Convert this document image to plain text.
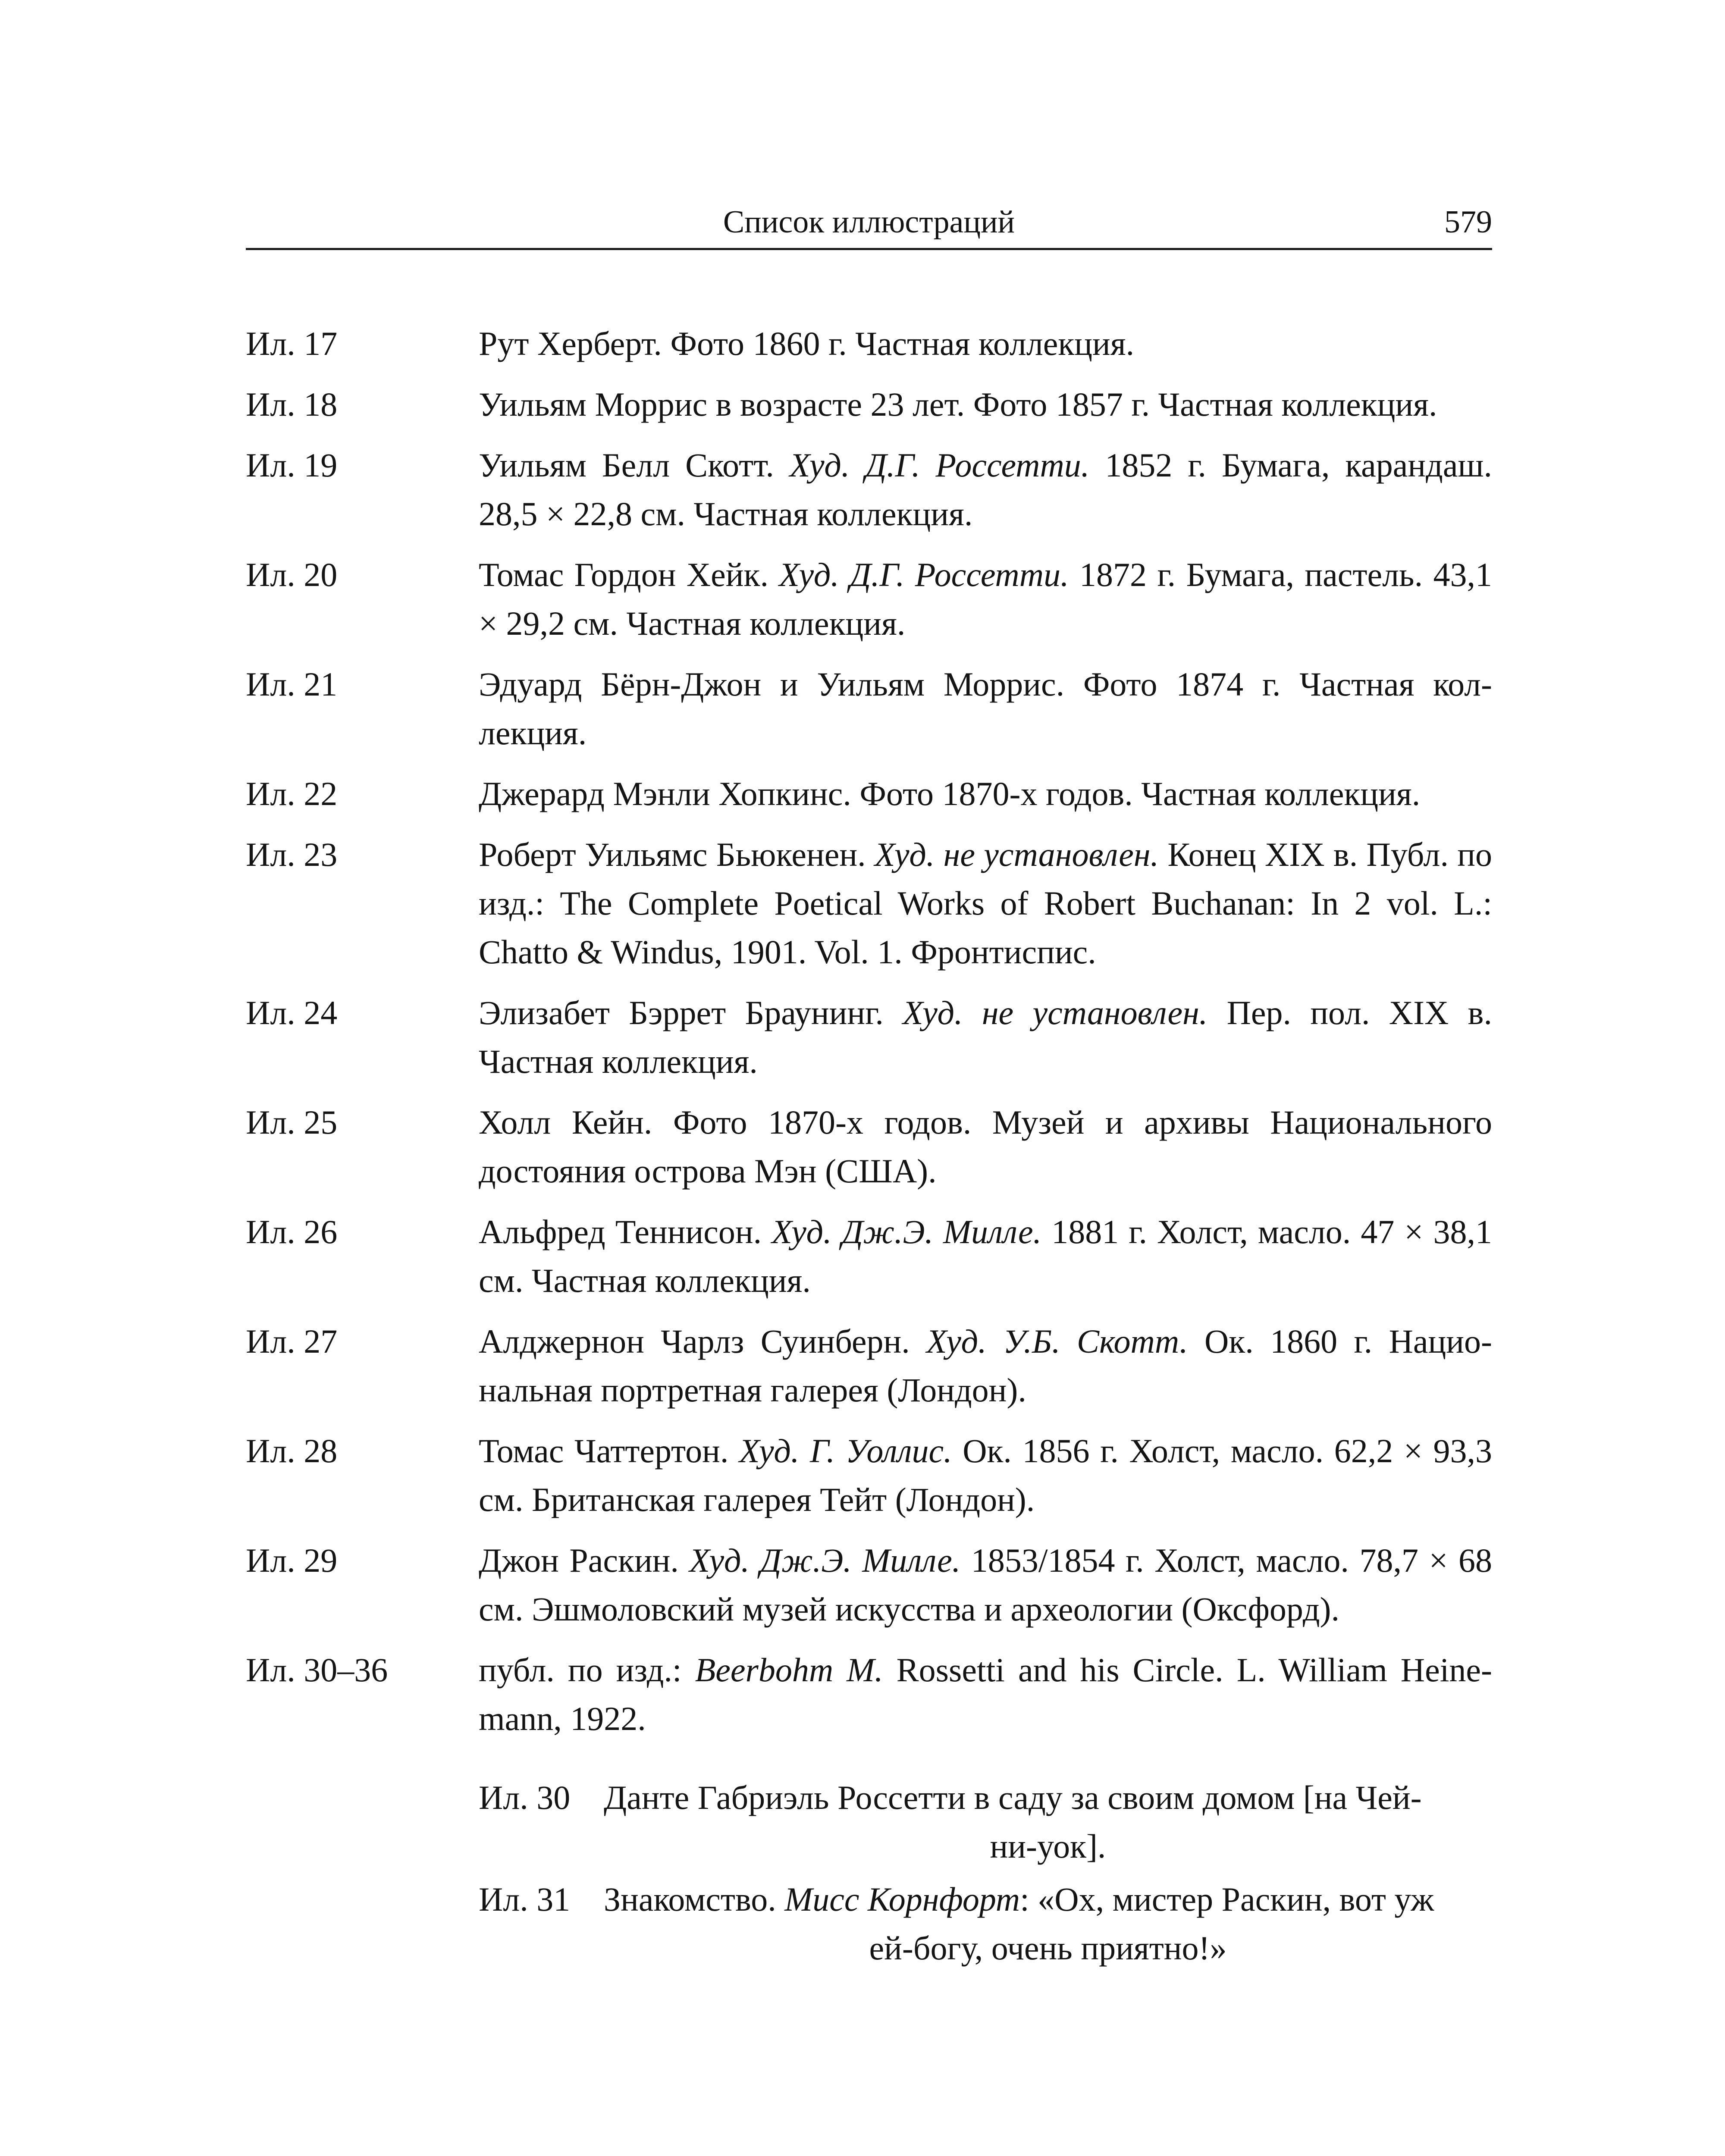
Список иллюстраций	579
Ил. 17	Рут Херберт. Фото 1860 г. Частная коллекция.
Ил. 18	Уильям Моррис в возрасте 23 лет. Фото 1857 г. Частная коллекция.
Ил. 19	Уильям Белл Скотт. Худ. Д.Г. Россетти. 1852 г. Бумага, карандаш. 28,5 × 22,8 см. Частная коллекция.
Ил. 20	Томас Гордон Хейк. Худ. Д.Г. Россетти. 1872 г. Бумага, пастель. 43,1 × 29,2 см. Частная коллекция.
Ил. 21	Эдуард Бёрн-Джон и Уильям Моррис. Фото 1874 г. Частная коллекция.
Ил. 22	Джерард Мэнли Хопкинс. Фото 1870-х годов. Частная коллекция.
Ил. 23	Роберт Уильямс Бьюкенен. Худ. не установлен. Конец XIX в. Публ. по изд.: The Complete Poetical Works of Robert Buchanan: In 2 vol. L.: Chatto & Windus, 1901. Vol. 1. Фронтиспис.
Ил. 24	Элизабет Бэррет Браунинг. Худ. не установлен. Пер. пол. XIX в. Частная коллекция.
Ил. 25	Холл Кейн. Фото 1870-х годов. Музей и архивы Национального достояния острова Мэн (США).
Ил. 26	Альфред Теннисон. Худ. Дж.Э. Милле. 1881 г. Холст, масло. 47 × 38,1 см. Частная коллекция.
Ил. 27	Алджернон Чарлз Суинберн. Худ. У.Б. Скотт. Ок. 1860 г. Национальная портретная галерея (Лондон).
Ил. 28	Томас Чаттертон. Худ. Г. Уоллис. Ок. 1856 г. Холст, масло. 62,2 × 93,3 см. Британская галерея Тейт (Лондон).
Ил. 29	Джон Раскин. Худ. Дж.Э. Милле. 1853/1854 г. Холст, масло. 78,7 × 68 см. Эшмоловский музей искусства и археологии (Оксфорд).
Ил. 30–36	публ. по изд.: Beerbohm M. Rossetti and his Circle. L. William Heinemann, 1922.
Ил. 30 Данте Габриэль Россетти в саду за своим домом [на Чей-
ни-уок].
Ил. 31 Знакомство. Мисс Корнфорт: «Ох, мистер Раскин, вот уж
ей-богу, очень приятно!»
